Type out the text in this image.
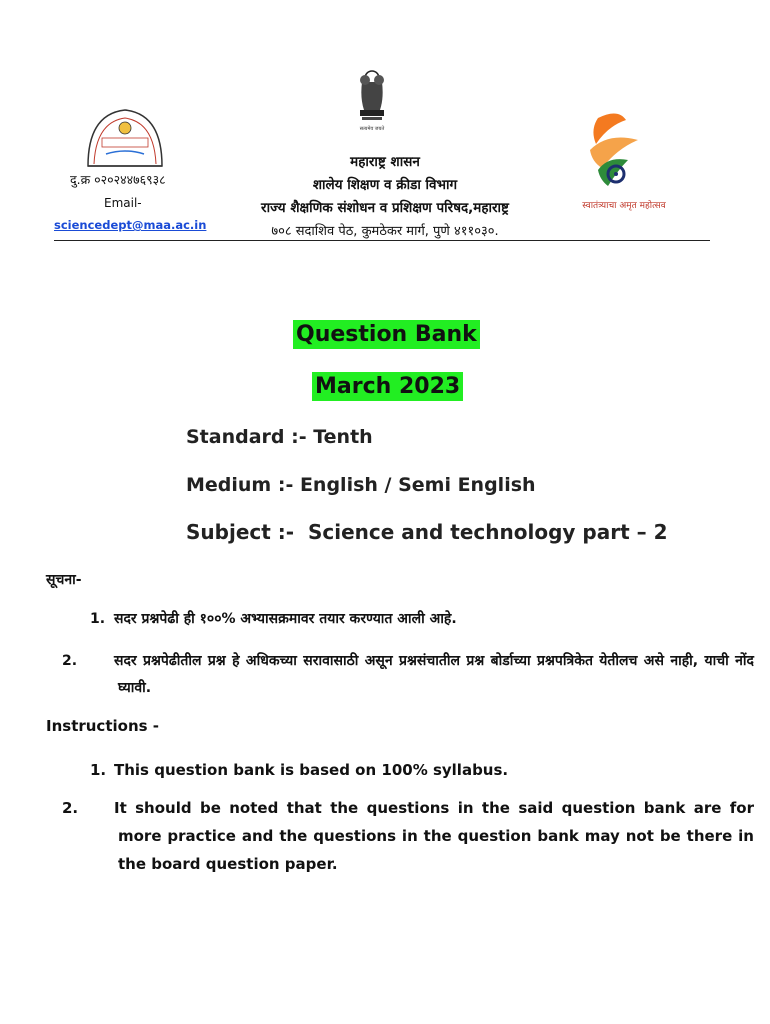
सत्यमेव जयते
स्वातंत्र्याचा अमृत महोत्सव
दु.क्र ०२०२४४७६९३८
Email-
sciencedept@maa.ac.in
महाराष्ट्र शासन
शालेय शिक्षण व क्रीडा विभाग
राज्य शैक्षणिक संशोधन व प्रशिक्षण परिषद,महाराष्ट्र
७०८ सदाशिव पेठ, कुमठेकर मार्ग, पुणे ४११०३०.
Question Bank
March 2023
Standard :- Tenth
Medium :- English / Semi English
Subject :-  Science and technology part – 2
सूचना-
1. सदर प्रश्नपेढी ही १००% अभ्यासक्रमावर तयार करण्यात आली आहे.
2.	सदर प्रश्नपेढीतील प्रश्न हे अधिकच्या सरावासाठी असून प्रश्नसंचातील प्रश्न बोर्डाच्या प्रश्नपत्रिकेत येतीलच असे नाही, याची नोंद घ्यावी.
Instructions -
1. This question bank is based on 100% syllabus.
2. It should be noted that the questions in the said question bank are for more practice and the questions in the question bank may not be there in the board question paper.
